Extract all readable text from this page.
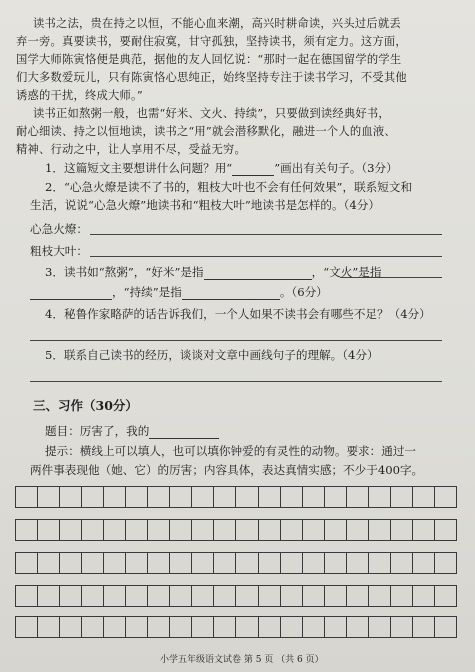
读书之法，贵在持之以恒，不能心血来潮，高兴时耕命读，兴头过后就丢
弃一旁。真要读书，要耐住寂寞，甘守孤独，坚持读书，须有定力。这方面，
国学大师陈寅恪便是典范，据他的友人回忆说：“那时一起在德国留学的学生
们大多数爱玩儿，只有陈寅恪心思纯正，始终坚持专注于读书学习，不受其他
诱惑的干扰，终成大师。”
读书正如熬粥一般，也需“好米、文火、持续”，只要做到读经典好书，
耐心细读、持之以恒地读，读书之“用”就会潜移默化，融进一个人的血液、
精神、行动之中，让人享用不尽，受益无穷。
1．这篇短文主要想讲什么问题？用“	”画出有关句子。（3分）
2．“心急火燎是读不了书的，粗枝大叶也不会有任何效果”，联系短文和
生活，说说“心急火燎”地读书和“粗枝大叶”地读书是怎样的。（4分）
心急火燎：
粗枝大叶：
3．读书如“熬粥”，“好米”是指	，“文火”是指
，“持续”是指	。（6分）
4．秘鲁作家略萨的话告诉我们，一个人如果不读书会有哪些不足？（4分）
5．联系自己读书的经历，谈谈对文章中画线句子的理解。（4分）
三、习作（30分）
题目：厉害了，我的
提示：横线上可以填人，也可以填你钟爱的有灵性的动物。要求：通过一
两件事表现他（她、它）的厉害；内容具体，表达真情实感；不少于400字。
小学五年级语文试卷 第 5 页 （共 6 页）
